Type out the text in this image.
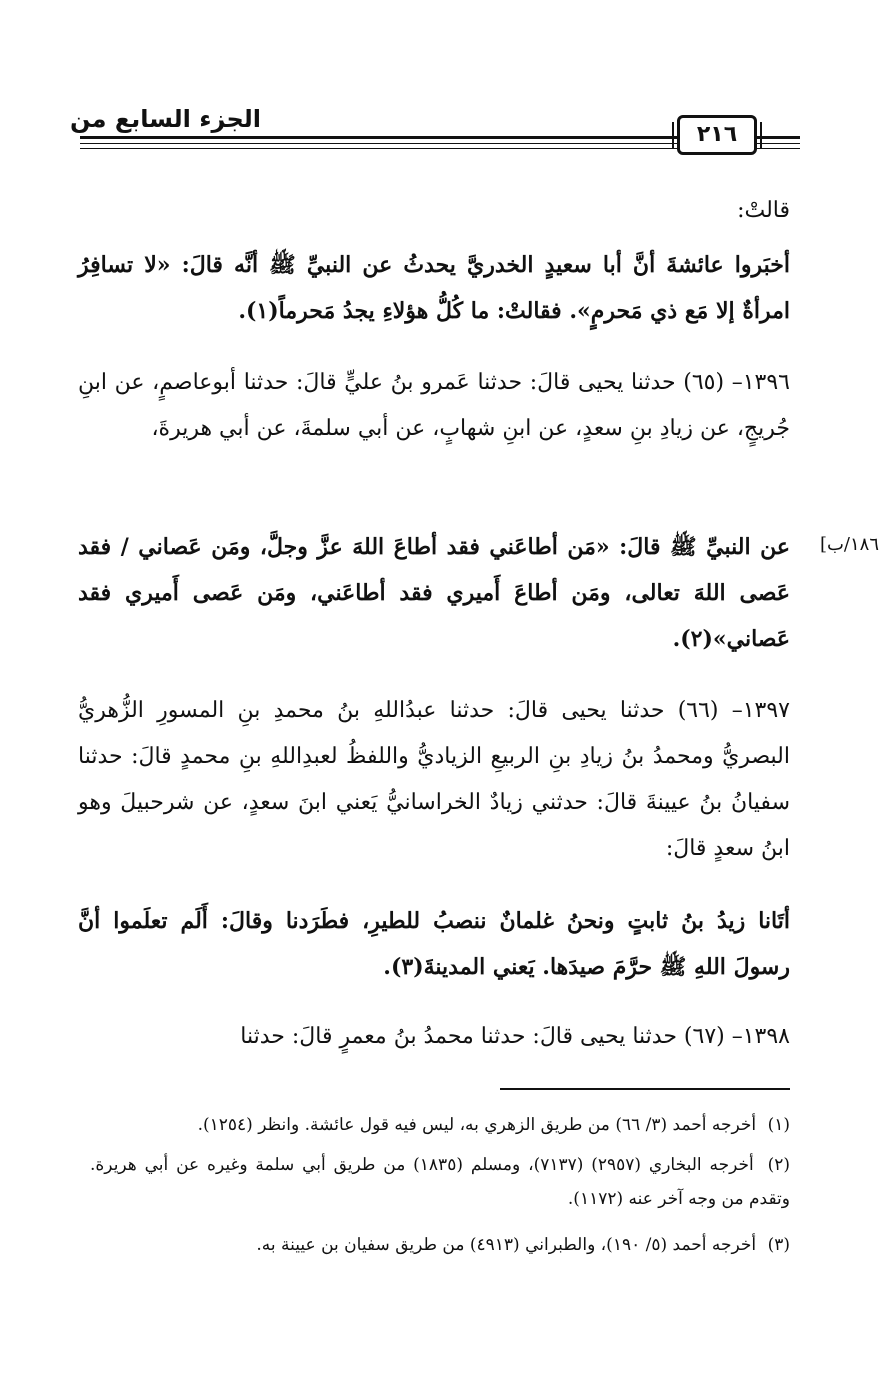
الجزء السابع من
٢١٦
١٨٦/ب]
قالتْ:
أخبَروا عائشةَ أنَّ أبا سعيدٍ الخدريَّ يحدثُ عن النبيِّ ﷺ أنَّه قالَ: «لا تسافِرُ امرأةٌ إلا مَع ذي مَحرمٍ». فقالتْ: ما كُلُّ هؤلاءِ يجدُ مَحرماً(١).
١٣٩٦– (٦٥) حدثنا يحيى قالَ: حدثنا عَمرو بنُ عليٍّ قالَ: حدثنا أبوعاصمٍ، عن ابنِ جُريجٍ، عن زيادِ بنِ سعدٍ، عن ابنِ شهابٍ، عن أبي سلمةَ، عن أبي هريرةَ،
عن النبيِّ ﷺ قالَ: «مَن أطاعَني فقد أطاعَ اللهَ عزَّ وجلَّ، ومَن عَصاني / فقد عَصى اللهَ تعالى، ومَن أطاعَ أَميري فقد أطاعَني، ومَن عَصى أَميري فقد عَصاني»(٢).
١٣٩٧– (٦٦) حدثنا يحيى قالَ: حدثنا عبدُاللهِ بنُ محمدِ بنِ المسورِ الزُّهريُّ البصريُّ ومحمدُ بنُ زيادِ بنِ الربيعِ الزياديُّ واللفظُ لعبدِاللهِ بنِ محمدٍ قالَ: حدثنا سفيانُ بنُ عيينةَ قالَ: حدثني زيادٌ الخراسانيُّ يَعني ابنَ سعدٍ، عن شرحبيلَ وهو ابنُ سعدٍ قالَ:
أتَانا زيدُ بنُ ثابتٍ ونحنُ غلمانٌ ننصبُ للطيرِ، فطَرَدنا وقالَ: أَلَم تعلَموا أنَّ رسولَ اللهِ ﷺ حرَّمَ صيدَها. يَعني المدينةَ(٣).
١٣٩٨– (٦٧) حدثنا يحيى قالَ: حدثنا محمدُ بنُ معمرٍ قالَ: حدثنا
(١) أخرجه أحمد (٣/ ٦٦) من طريق الزهري به، ليس فيه قول عائشة. وانظر (١٢٥٤).
(٢) أخرجه البخاري (٢٩٥٧) (٧١٣٧)، ومسلم (١٨٣٥) من طريق أبي سلمة وغيره عن أبي هريرة. وتقدم من وجه آخر عنه (١١٧٢).
(٣) أخرجه أحمد (٥/ ١٩٠)، والطبراني (٤٩١٣) من طريق سفيان بن عيينة به.
